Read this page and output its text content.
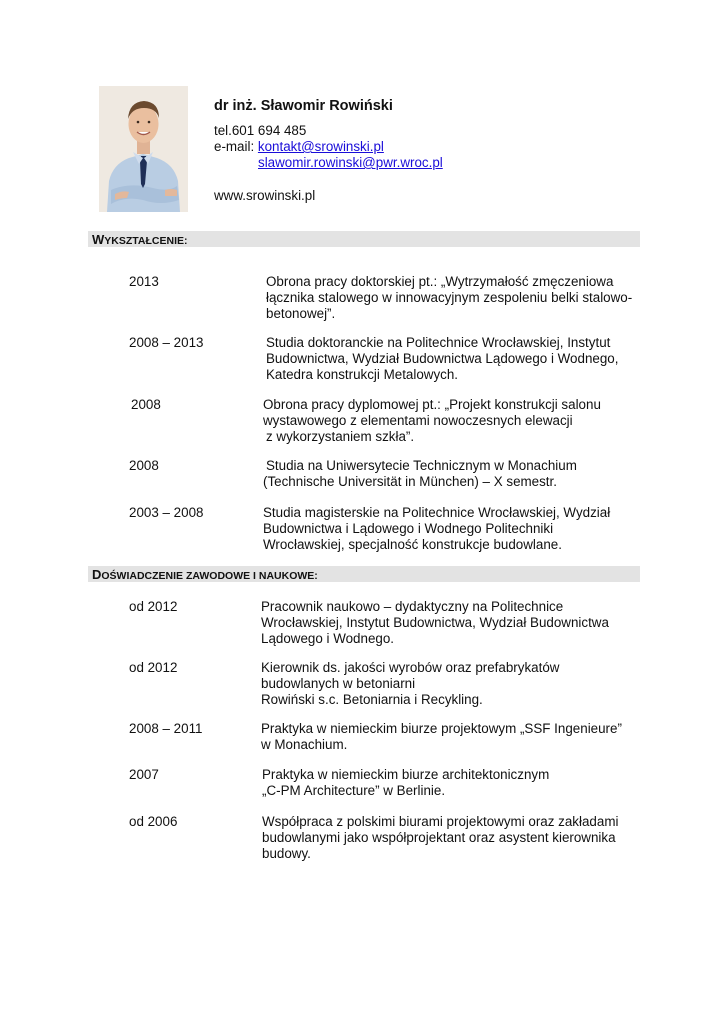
dr inż. Sławomir Rowiński
tel.601 694 485
e-mail: kontakt@srowinski.pl
slawomir.rowinski@pwr.wroc.pl
www.srowinski.pl
WYKSZTAŁCENIE:
2013	Obrona pracy doktorskiej pt.: „Wytrzymałość zmęczeniowa
łącznika stalowego w innowacyjnym zespoleniu belki stalowo-
betonowej”.
2008 – 2013	Studia doktoranckie na Politechnice Wrocławskiej, Instytut
Budownictwa, Wydział Budownictwa Lądowego i Wodnego,
Katedra konstrukcji Metalowych.
2008	Obrona pracy dyplomowej pt.: „Projekt konstrukcji salonu
wystawowego z elementami nowoczesnych elewacji
z wykorzystaniem szkła”.
2008	Studia na Uniwersytecie Technicznym w Monachium
(Technische Universität in München) – X semestr.
2003 – 2008	Studia magisterskie na Politechnice Wrocławskiej, Wydział
Budownictwa i Lądowego i Wodnego Politechniki
Wrocławskiej, specjalność konstrukcje budowlane.
DOŚWIADCZENIE ZAWODOWE I NAUKOWE:
od 2012	Pracownik naukowo – dydaktyczny na Politechnice
Wrocławskiej, Instytut Budownictwa, Wydział Budownictwa
Lądowego i Wodnego.
od 2012	Kierownik ds. jakości wyrobów oraz prefabrykatów
budowlanych w betoniarni
Rowiński s.c. Betoniarnia i Recykling.
2008 – 2011	Praktyka w niemieckim biurze projektowym „SSF Ingenieure”
w Monachium.
2007	Praktyka w niemieckim biurze architektonicznym
„C-PM Architecture” w Berlinie.
od 2006	Współpraca z polskimi biurami projektowymi oraz zakładami
budowlanymi jako współprojektant oraz asystent kierownika
budowy.
